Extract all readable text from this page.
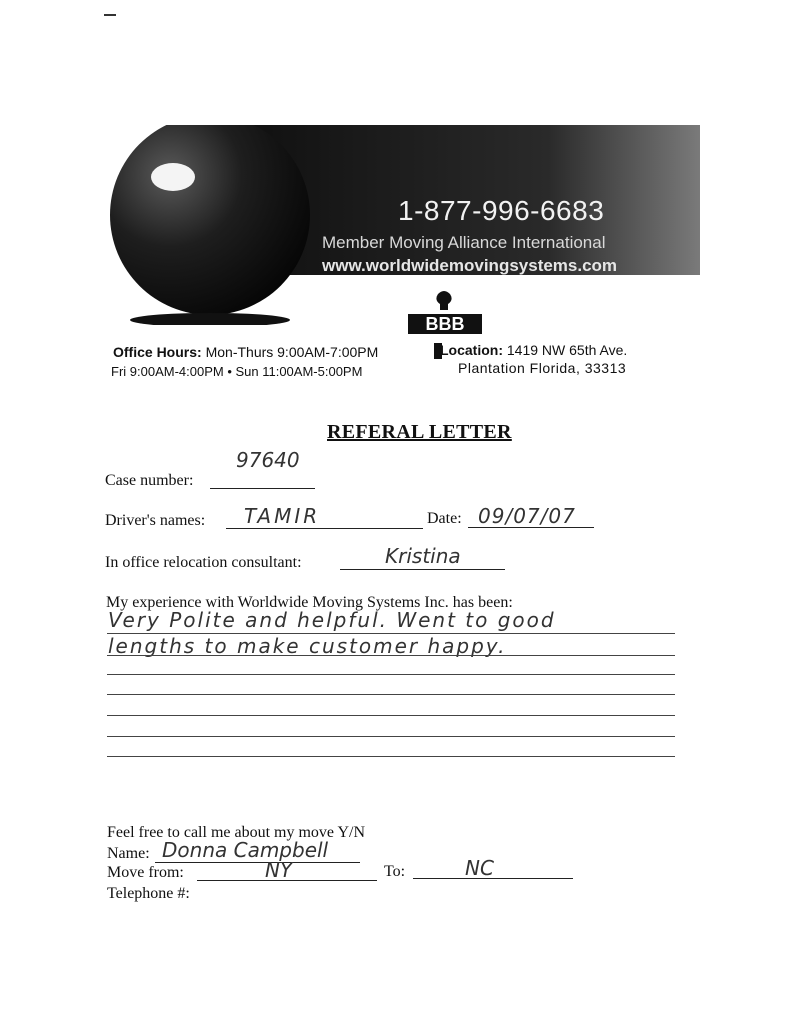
1-877-996-6683
Member Moving Alliance International
www.worldwidemovingsystems.com
BBB
Office Hours: Mon-Thurs 9:00AM-7:00PM
Fri 9:00AM-4:00PM • Sun 11:00AM-5:00PM
Location: 1419 NW 65th Ave.
Plantation Florida, 33313
REFERAL LETTER
Case number:
97640
Driver's names: TAMIR	Date: 09/07/07
In office relocation consultant:	Kristina
My experience with Worldwide Moving Systems Inc. has been:
Very Polite and helpful. Went to good
lengths to make customer happy.
Feel free to call me about my move Y/N
Name: Donna Campbell
Move from:	NY	To:	NC
Telephone #:
